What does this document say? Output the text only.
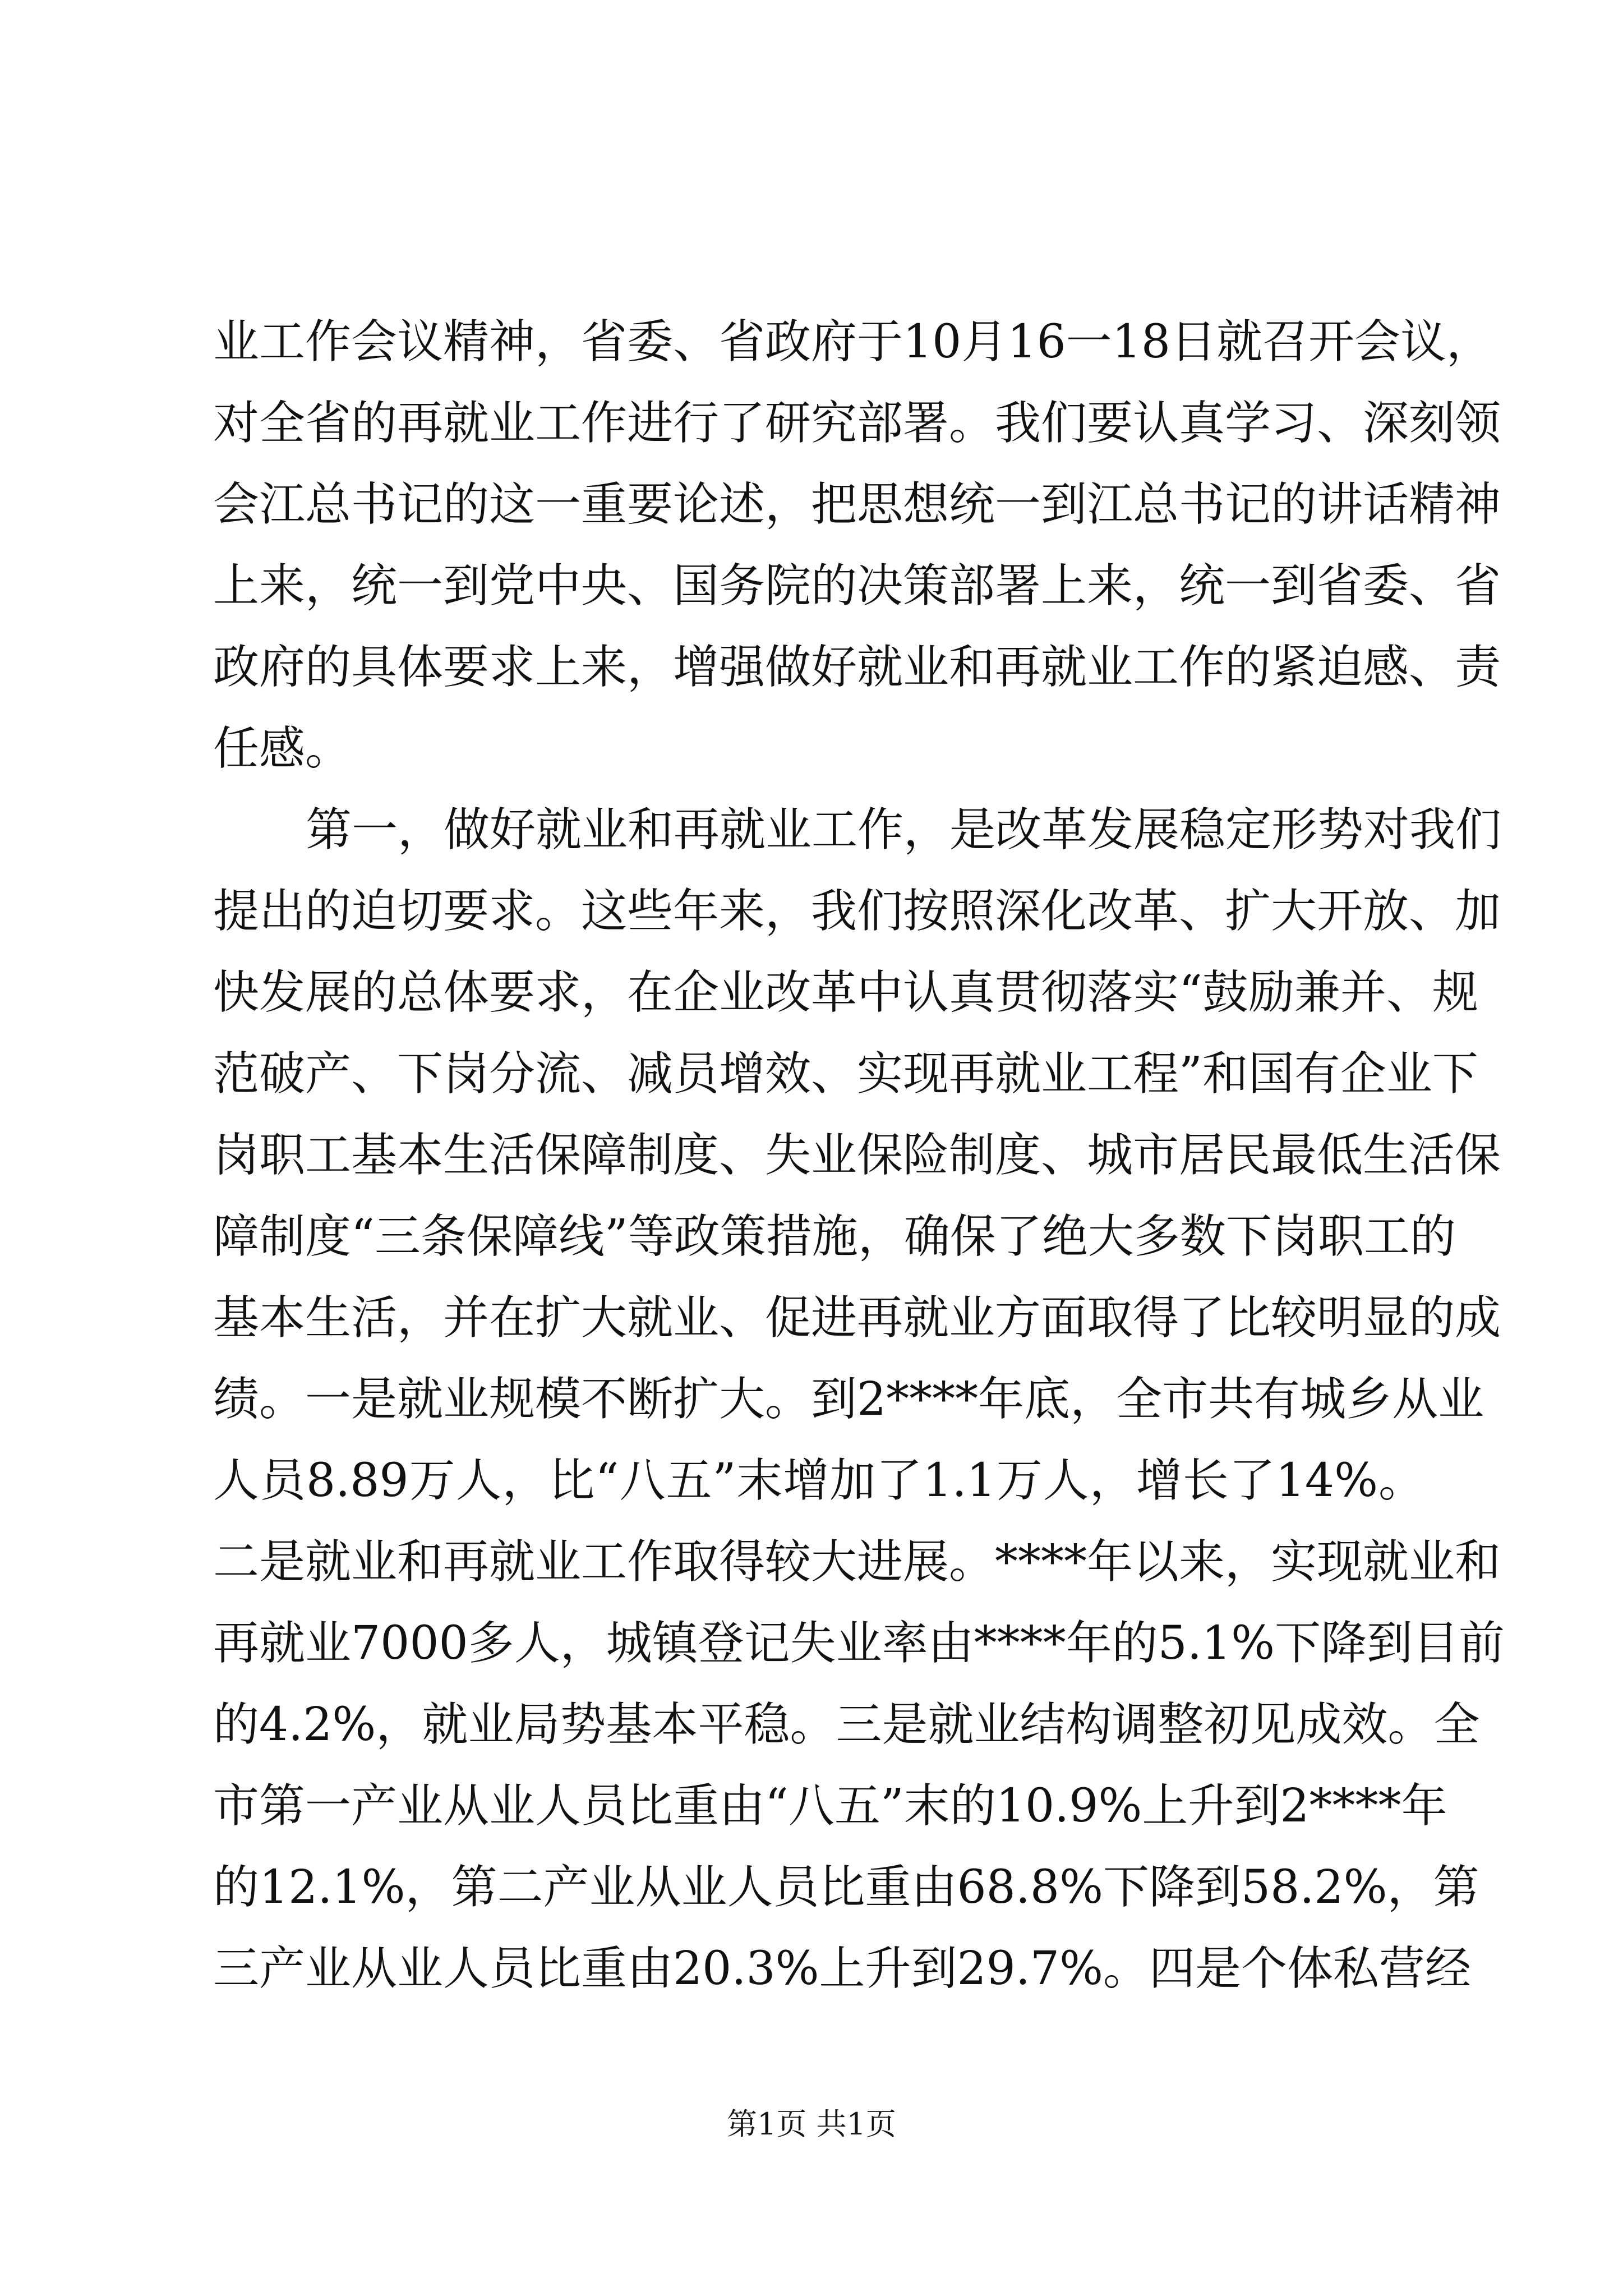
业工作会议精神，省委、省政府于10月16一18日就召开会议，
对全省的再就业工作进行了研究部署。我们要认真学习、深刻领
会江总书记的这一重要论述，把思想统一到江总书记的讲话精神
上来，统一到党中央、国务院的决策部署上来，统一到省委、省
政府的具体要求上来，增强做好就业和再就业工作的紧迫感、责
任感。
第一，做好就业和再就业工作，是改革发展稳定形势对我们
提出的迫切要求。这些年来，我们按照深化改革、扩大开放、加
快发展的总体要求，在企业改革中认真贯彻落实“鼓励兼并、规
范破产、下岗分流、减员增效、实现再就业工程”和国有企业下
岗职工基本生活保障制度、失业保险制度、城市居民最低生活保
障制度“三条保障线”等政策措施，确保了绝大多数下岗职工的
基本生活，并在扩大就业、促进再就业方面取得了比较明显的成
绩。一是就业规模不断扩大。到2****年底，全市共有城乡从业
人员8.89万人，比“八五”末增加了1.1万人，增长了14%。
二是就业和再就业工作取得较大进展。****年以来，实现就业和
再就业7000多人，城镇登记失业率由****年的5.1%下降到目前
的4.2%，就业局势基本平稳。三是就业结构调整初见成效。全
市第一产业从业人员比重由“八五”末的10.9%上升到2****年
的12.1%，第二产业从业人员比重由68.8%下降到58.2%，第
三产业从业人员比重由20.3%上升到29.7%。四是个体私营经
第1页 共1页
